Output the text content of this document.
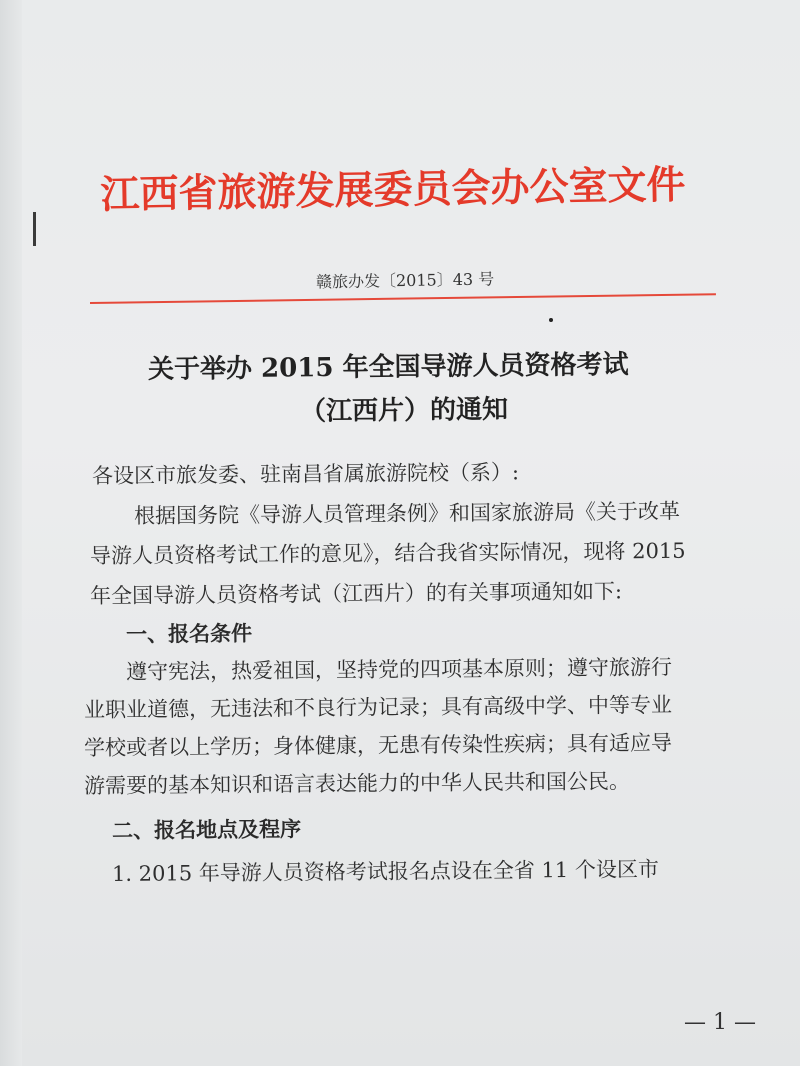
江西省旅游发展委员会办公室文件
赣旅办发〔2015〕43 号
关于举办 2015 年全国导游人员资格考试
（江西片）的通知
各设区市旅发委、驻南昌省属旅游院校（系）:
根据国务院《导游人员管理条例》和国家旅游局《关于改革
导游人员资格考试工作的意见》，结合我省实际情况，现将 2015
年全国导游人员资格考试（江西片）的有关事项通知如下:
一、报名条件
遵守宪法，热爱祖国，坚持党的四项基本原则；遵守旅游行
业职业道德，无违法和不良行为记录；具有高级中学、中等专业
学校或者以上学历；身体健康，无患有传染性疾病；具有适应导
游需要的基本知识和语言表达能力的中华人民共和国公民。
二、报名地点及程序
1. 2015 年导游人员资格考试报名点设在全省 11 个设区市
— 1 —
